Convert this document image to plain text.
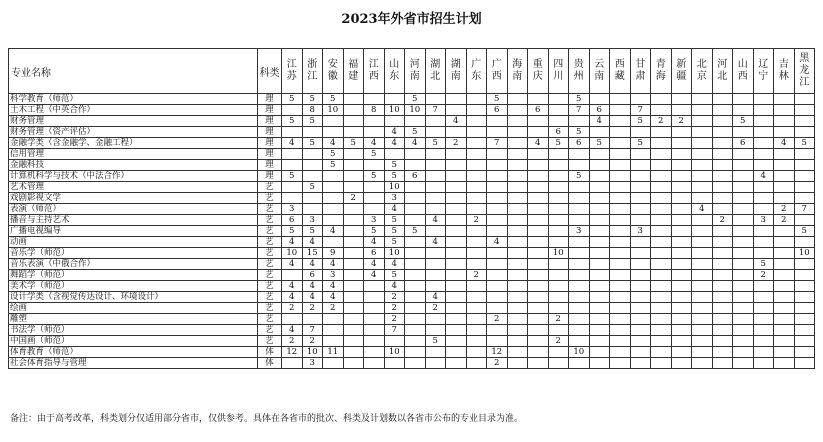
2023年外省市招生计划
专业名称	科类	江苏	浙江	安徽	福建	江西	山东	河南	湖北	湖南	广东	广西	海南	重庆	四川	贵州	云南	西藏	甘肃	青海	新疆	北京	河北	山西	辽宁	吉林	黑龙江
科学教育（师范）	理	5	5	5				5				5				5											
土木工程（中英合作）	理		8	10		8	10	10	7			6		6		7	6		7								
财务管理	理	5	5							4							4		5	2	2			5			
财务管理（资产评估）	理						4	5							6	5											
金融学类（含金融学、金融工程）	理	4	5	4	5	4	4	4	5	2		7		4	5	6	5		5					6		4	5
信用管理	理			5		5																					
金融科技	理			5			5																				
计算机科学与技术（中法合作）	理	5				5	5	6								5									4		
艺术管理	艺		5				10																				
戏剧影视文学	艺				2		3																				
表演（师范）	艺	3					4															4				2	7
播音与主持艺术	艺	6	3			3	5		4		2												2		3	2	
广播电视编导	艺	5	5	4		5	5	5								3			3								5
动画	艺	4	4			4	5		4			4															
音乐学（师范）	艺	10	15	9		6	10								10												10
音乐表演（中俄合作）	艺	4	4	4		4	4																		5		
舞蹈学（师范）	艺		6	3		4	5				2														2		
美术学（师范）	艺	4	4	4			4																				
设计学类（含视觉传达设计、环境设计）	艺	4	4	4			2		4																		
绘画	艺	2	2	2			2		2																		
雕塑	艺						2					2			2												
书法学（师范）	艺	4	7				7																				
中国画（师范）	艺	2	2						5						2												
体育教育（师范）	体	12	10	11			10					12				10											
社会体育指导与管理	体		3									2															
备注：由于高考改革，科类划分仅适用部分省市，仅供参考。具体在各省市的批次、科类及计划数以各省市公布的专业目录为准。
